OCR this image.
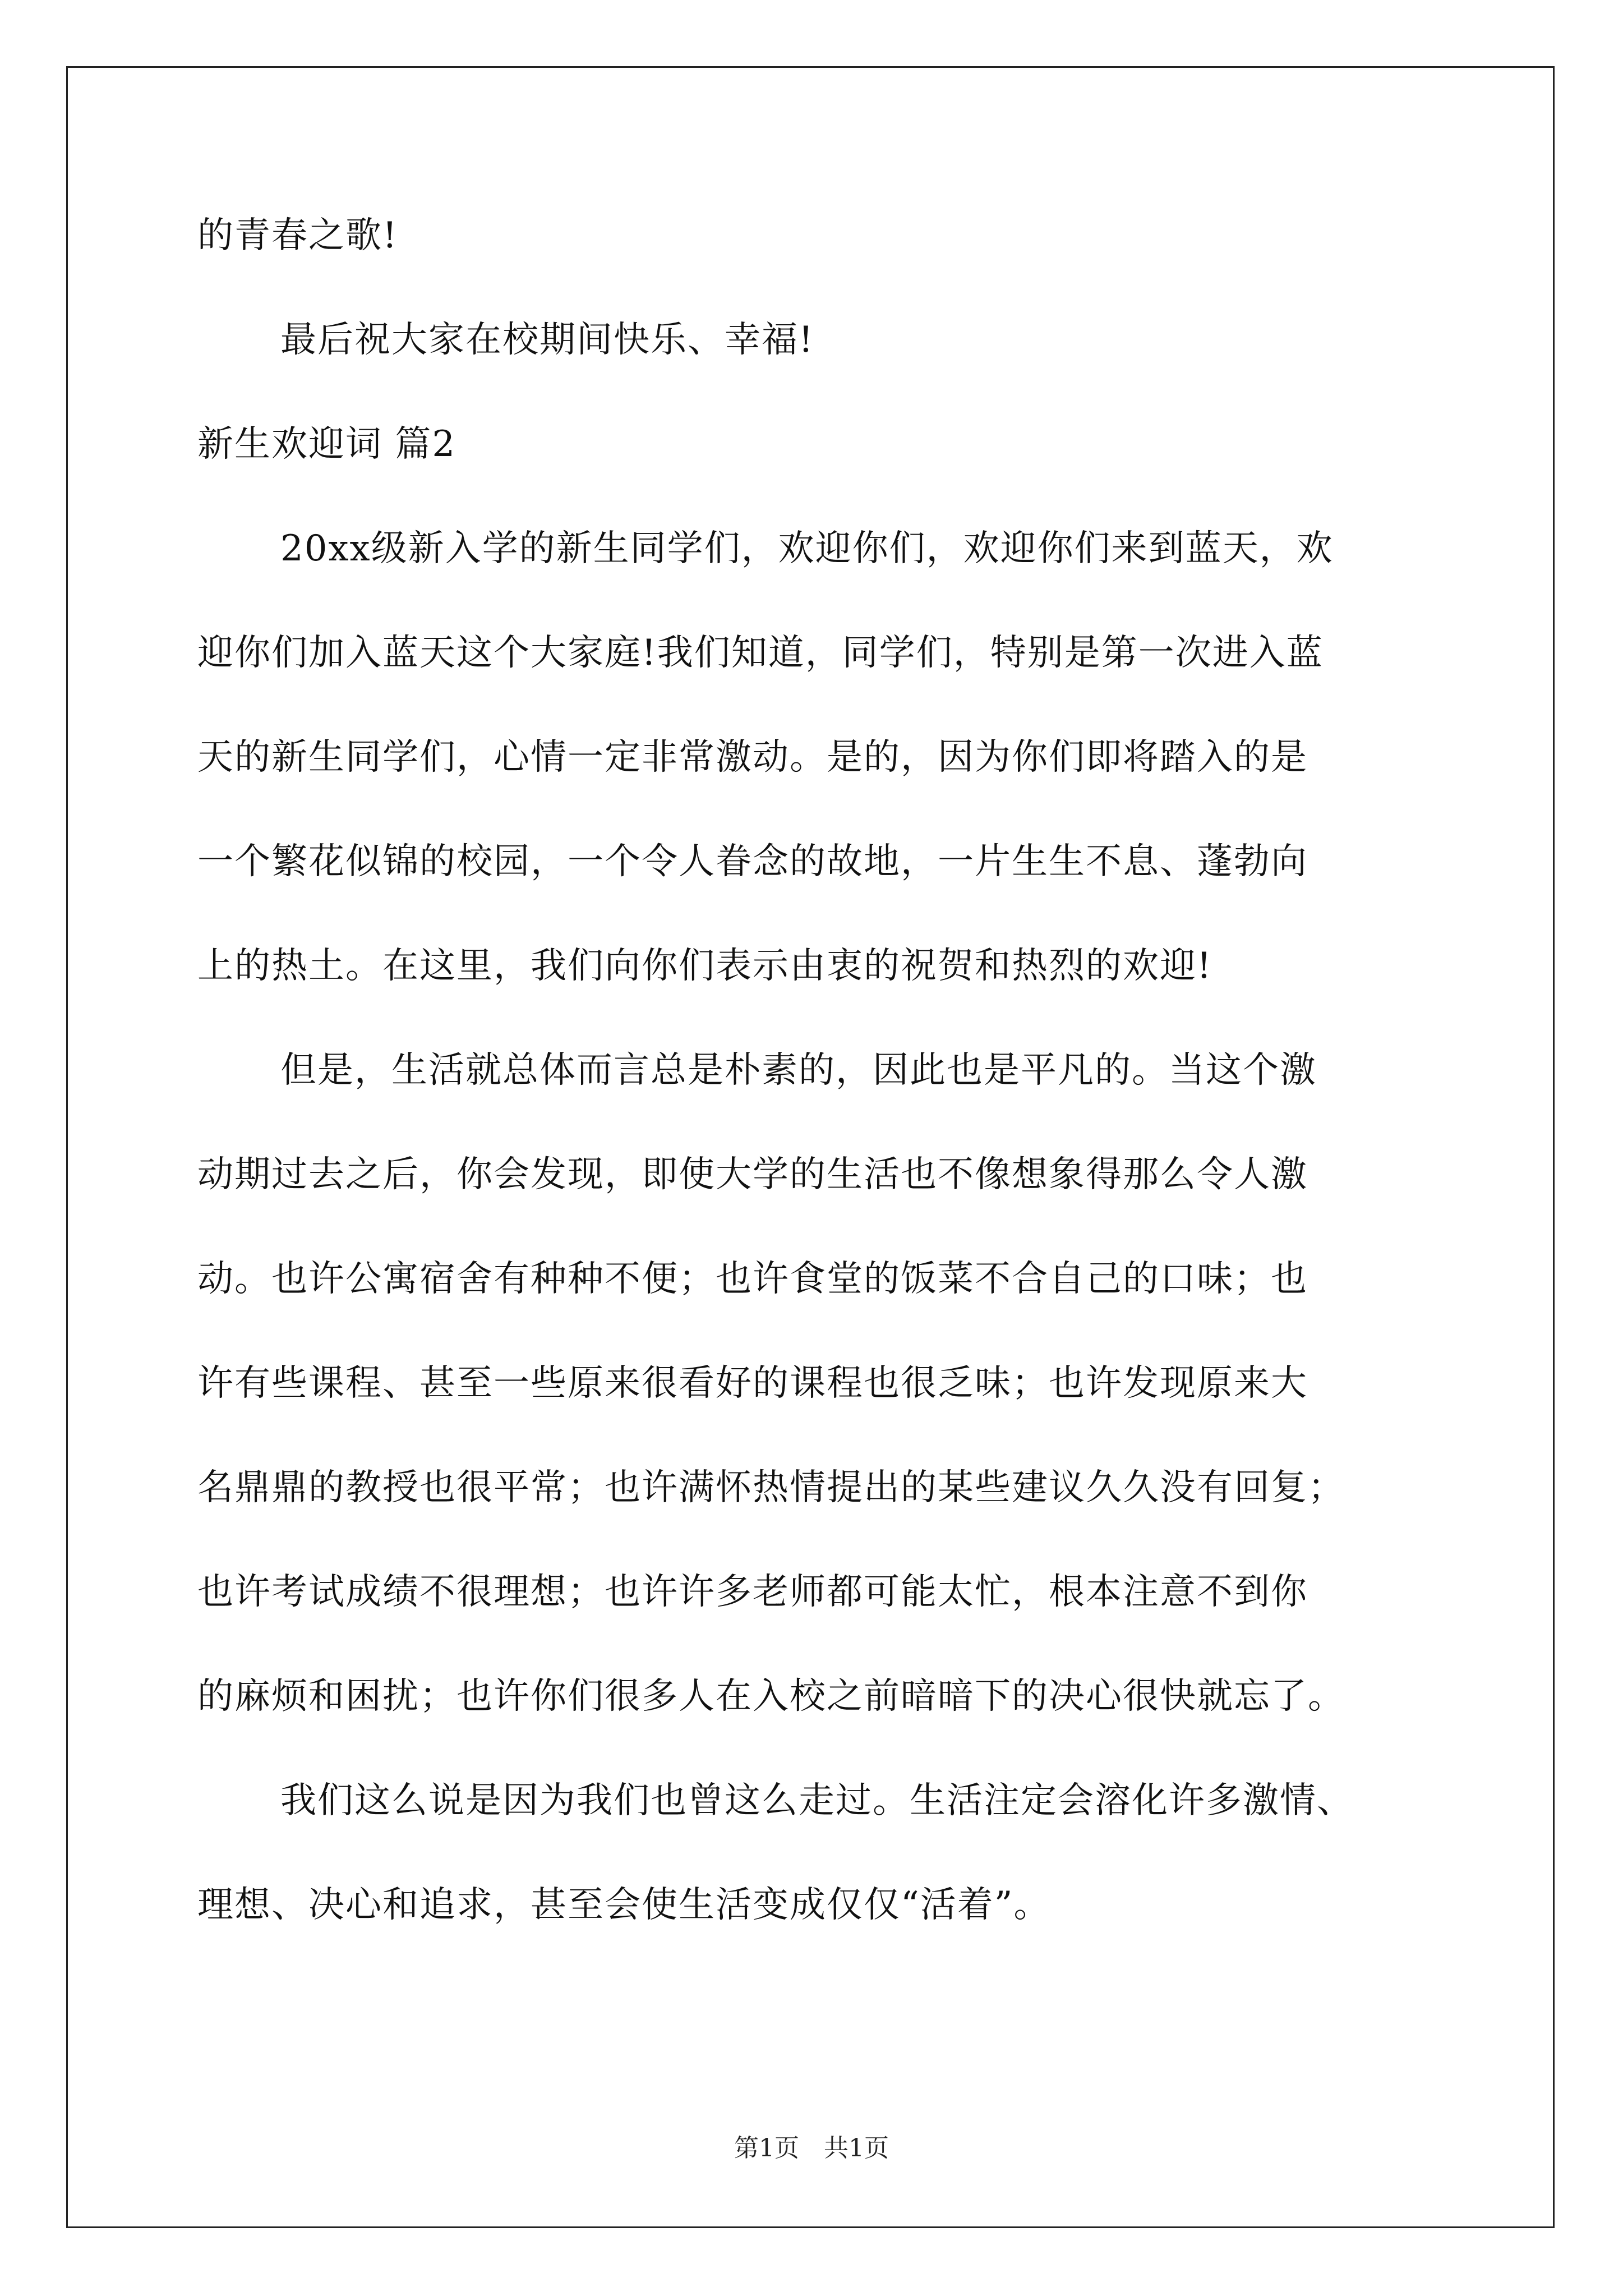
的青春之歌!
最后祝大家在校期间快乐、幸福!
新生欢迎词 篇2
20xx级新入学的新生同学们，欢迎你们，欢迎你们来到蓝天，欢
迎你们加入蓝天这个大家庭!我们知道，同学们，特别是第一次进入蓝
天的新生同学们，心情一定非常激动。是的，因为你们即将踏入的是
一个繁花似锦的校园，一个令人眷念的故地，一片生生不息、蓬勃向
上的热土。在这里，我们向你们表示由衷的祝贺和热烈的欢迎!
但是，生活就总体而言总是朴素的，因此也是平凡的。当这个激
动期过去之后，你会发现，即使大学的生活也不像想象得那么令人激
动。也许公寓宿舍有种种不便；也许食堂的饭菜不合自己的口味；也
许有些课程、甚至一些原来很看好的课程也很乏味；也许发现原来大
名鼎鼎的教授也很平常；也许满怀热情提出的某些建议久久没有回复；
也许考试成绩不很理想；也许许多老师都可能太忙，根本注意不到你
的麻烦和困扰；也许你们很多人在入校之前暗暗下的决心很快就忘了。
我们这么说是因为我们也曾这么走过。生活注定会溶化许多激情、
理想、决心和追求，甚至会使生活变成仅仅“活着”。
第1页　共1页
